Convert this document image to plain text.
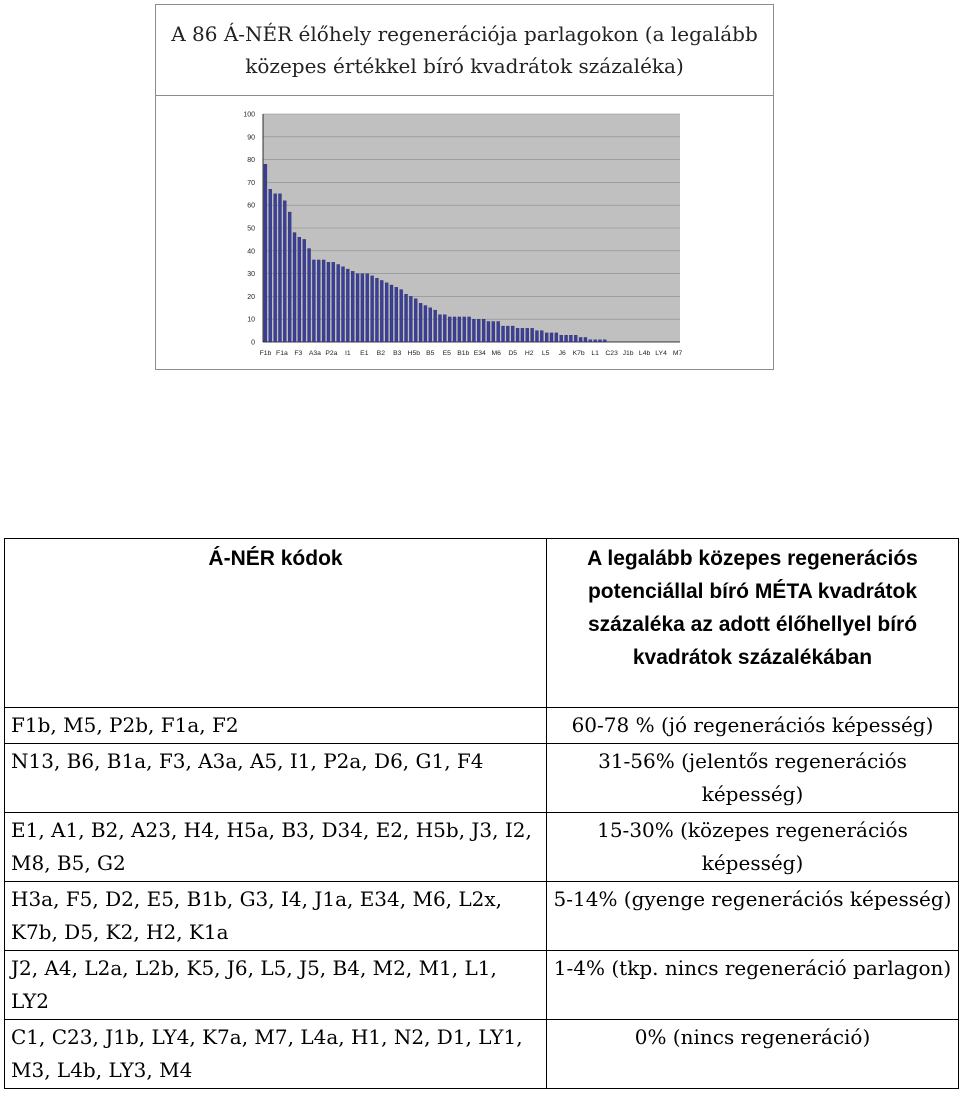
A 86 Á-NÉR élőhely regenerációja parlagokon (a legalább közepes értékkel bíró kvadrátok százaléka)
0
10
20
30
40
50
60
70
80
90
100
F1b F1a F3 A3a P2a I1 E1 B2 B3 H5b B5 E5 B1b E34 M6 D5 H2 L5 J6 K7b L1 C23 J1b L4b LY4 M7
Á-NÉR kódok	A legalább közepes regenerációs potenciállal bíró MÉTA kvadrátok százaléka az adott élőhellyel bíró kvadrátok százalékában
F1b, M5, P2b, F1a, F2	60-78 % (jó regenerációs képesség)
N13, B6, B1a, F3, A3a, A5, I1, P2a, D6, G1, F4	31-56% (jelentős regenerációs képesség)
E1, A1, B2, A23, H4, H5a, B3, D34, E2, H5b, J3, I2, M8, B5, G2	15-30% (közepes regenerációs képesség)
H3a, F5, D2, E5, B1b, G3, I4, J1a, E34, M6, L2x, K7b, D5, K2, H2, K1a	5-14% (gyenge regenerációs képesség)
J2, A4, L2a, L2b, K5, J6, L5, J5, B4, M2, M1, L1, LY2	1-4% (tkp. nincs regeneráció parlagon)
C1, C23, J1b, LY4, K7a, M7, L4a, H1, N2, D1, LY1, M3, L4b, LY3, M4	0% (nincs regeneráció)
